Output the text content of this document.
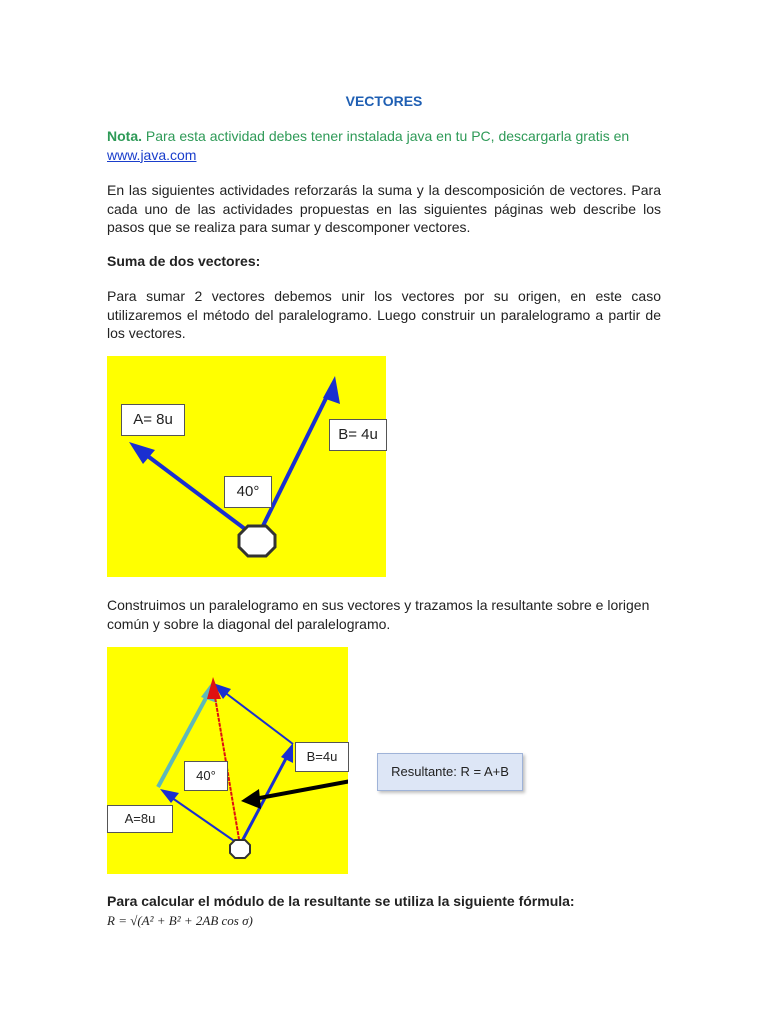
VECTORES
Nota. Para esta actividad debes tener instalada java en tu PC, descargarla gratis en www.java.com
En las siguientes actividades reforzarás la suma y la descomposición de vectores. Para cada uno de las actividades propuestas en las siguientes páginas web describe los pasos que se realiza para sumar y descomponer vectores.
Suma de dos vectores:
Para sumar 2 vectores debemos unir los vectores por su origen, en este caso utilizaremos el método del paralelogramo. Luego construir un paralelogramo a partir de los vectores.
A= 8u
B= 4u
40°
Construimos un paralelogramo en sus vectores y trazamos la resultante sobre e lorigen común y sobre la diagonal del paralelogramo.
A=8u
B=4u
40°	Resultante: R = A+B
Para calcular el módulo de la resultante se utiliza la siguiente fórmula:
R = √(A² + B² + 2AB cos σ)
